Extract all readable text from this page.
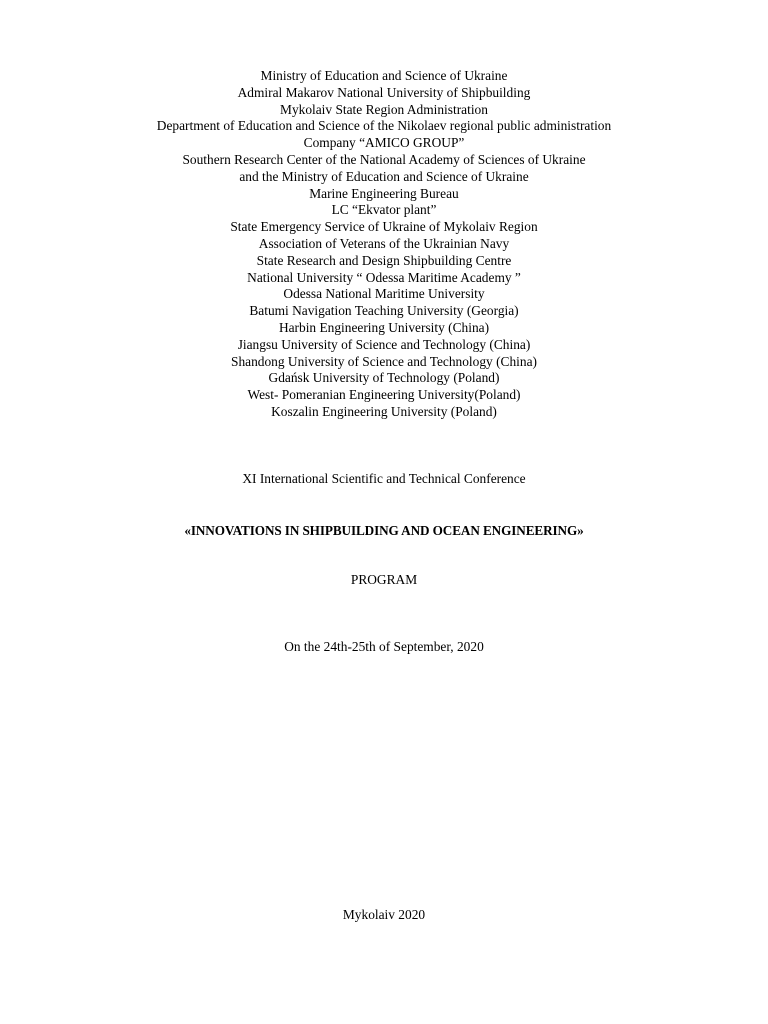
Ministry of Education and Science of Ukraine
Admiral Makarov National University of Shipbuilding
Mykolaiv State Region Administration
Department of Education and Science of the Nikolaev regional public administration
Company “AMICO GROUP”
Southern Research Center of the National Academy of Sciences of Ukraine
and the Ministry of Education and Science of Ukraine
Marine Engineering Bureau
LC “Ekvator plant”
State Emergency Service of Ukraine of Mykolaiv Region
Association of Veterans of the Ukrainian Navy
State Research and Design Shipbuilding Centre
National University “ Odessa Maritime Academy ”
Odessa National Maritime University
Batumi Navigation Teaching University (Georgia)
Harbin Engineering University (China)
Jiangsu University of Science and Technology (China)
Shandong University of Science and Technology (China)
Gdańsk University of Technology (Poland)
West- Pomeranian Engineering University(Poland)
Koszalin Engineering University (Poland)
XI International Scientific and Technical Conference
«INNOVATIONS IN SHIPBUILDING AND OCEAN ENGINEERING»
PROGRAM
On the 24th-25th of September, 2020
Mykolaiv 2020
